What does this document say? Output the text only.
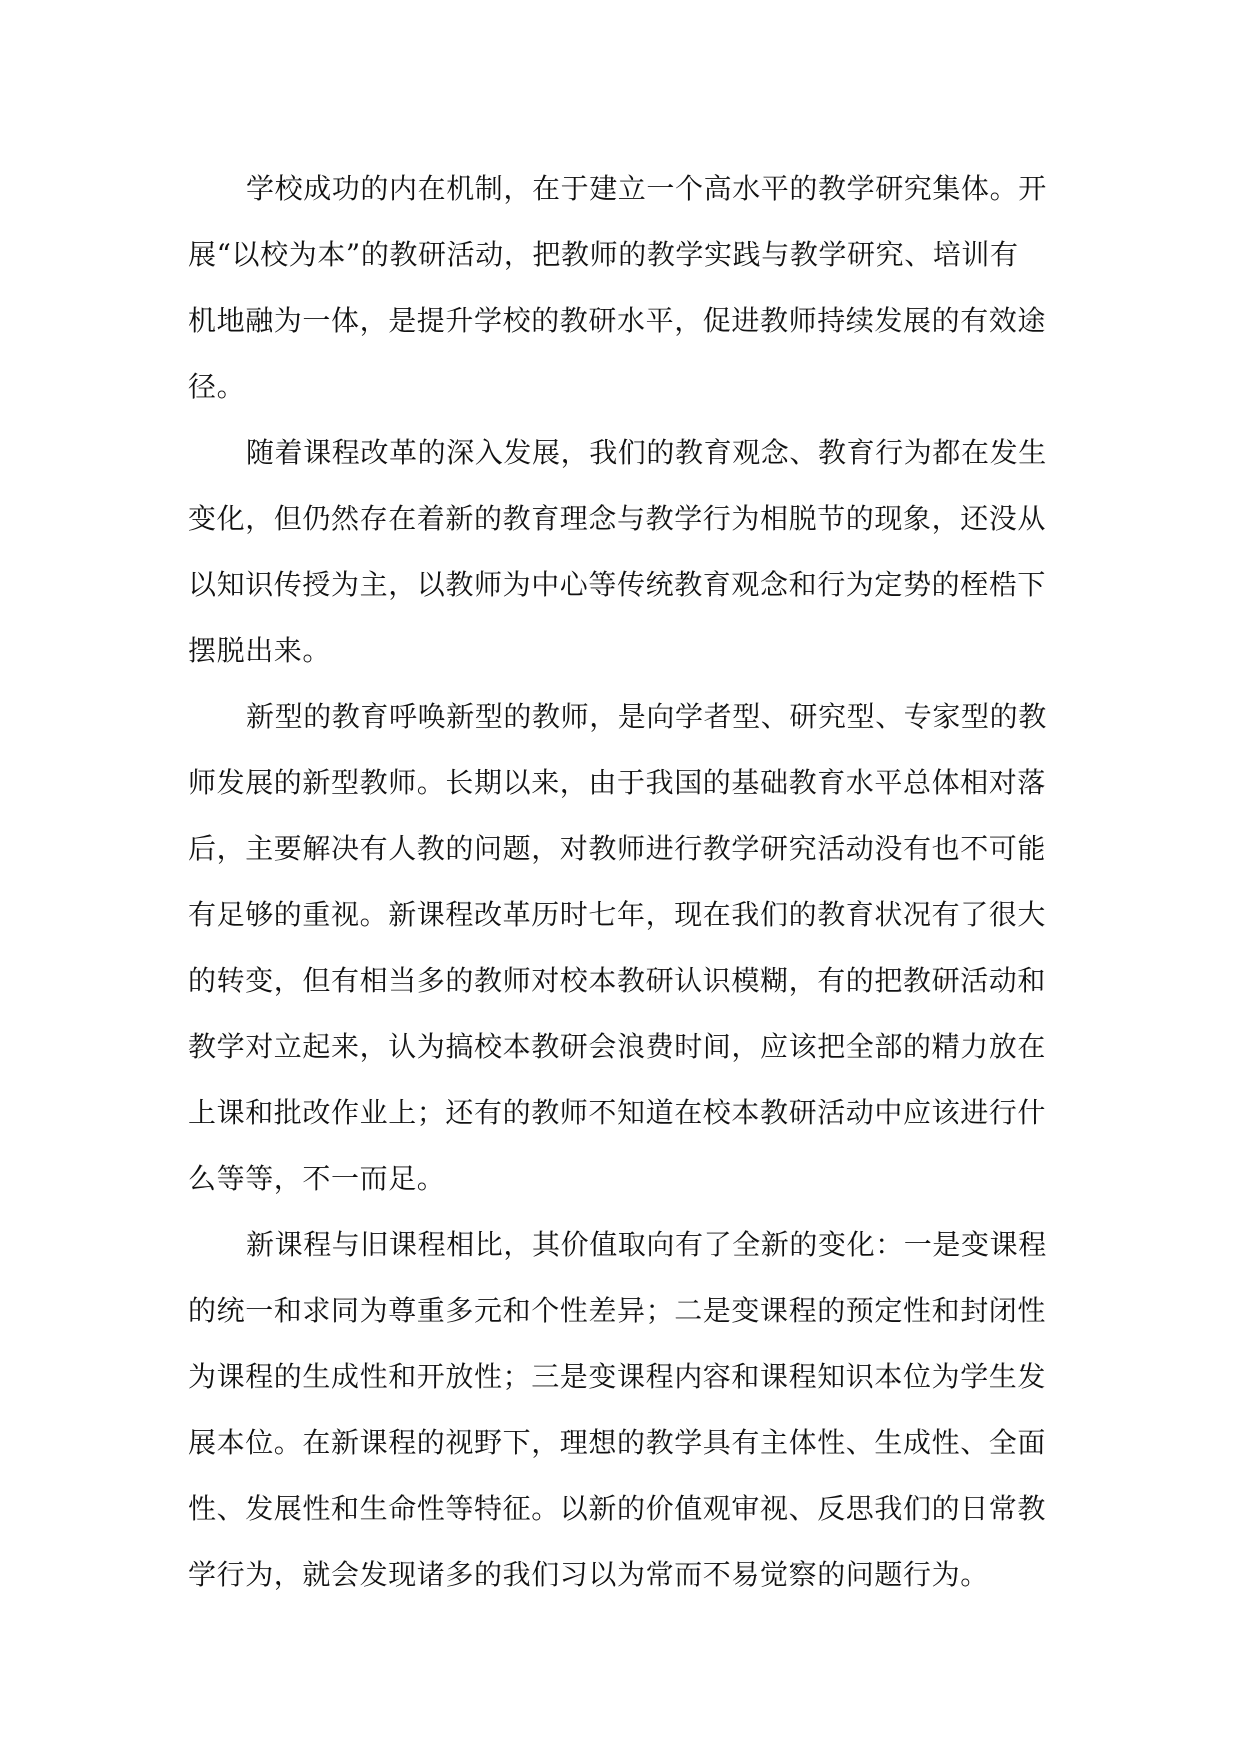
学校成功的内在机制，在于建立一个高水平的教学研究集体。开
展“以校为本”的教研活动，把教师的教学实践与教学研究、培训有
机地融为一体，是提升学校的教研水平，促进教师持续发展的有效途
径。
随着课程改革的深入发展，我们的教育观念、教育行为都在发生
变化，但仍然存在着新的教育理念与教学行为相脱节的现象，还没从
以知识传授为主，以教师为中心等传统教育观念和行为定势的桎梏下
摆脱出来。
新型的教育呼唤新型的教师，是向学者型、研究型、专家型的教
师发展的新型教师。长期以来，由于我国的基础教育水平总体相对落
后，主要解决有人教的问题，对教师进行教学研究活动没有也不可能
有足够的重视。新课程改革历时七年，现在我们的教育状况有了很大
的转变，但有相当多的教师对校本教研认识模糊，有的把教研活动和
教学对立起来，认为搞校本教研会浪费时间，应该把全部的精力放在
上课和批改作业上；还有的教师不知道在校本教研活动中应该进行什
么等等，不一而足。
新课程与旧课程相比，其价值取向有了全新的变化：一是变课程
的统一和求同为尊重多元和个性差异；二是变课程的预定性和封闭性
为课程的生成性和开放性；三是变课程内容和课程知识本位为学生发
展本位。在新课程的视野下，理想的教学具有主体性、生成性、全面
性、发展性和生命性等特征。以新的价值观审视、反思我们的日常教
学行为，就会发现诸多的我们习以为常而不易觉察的问题行为。
